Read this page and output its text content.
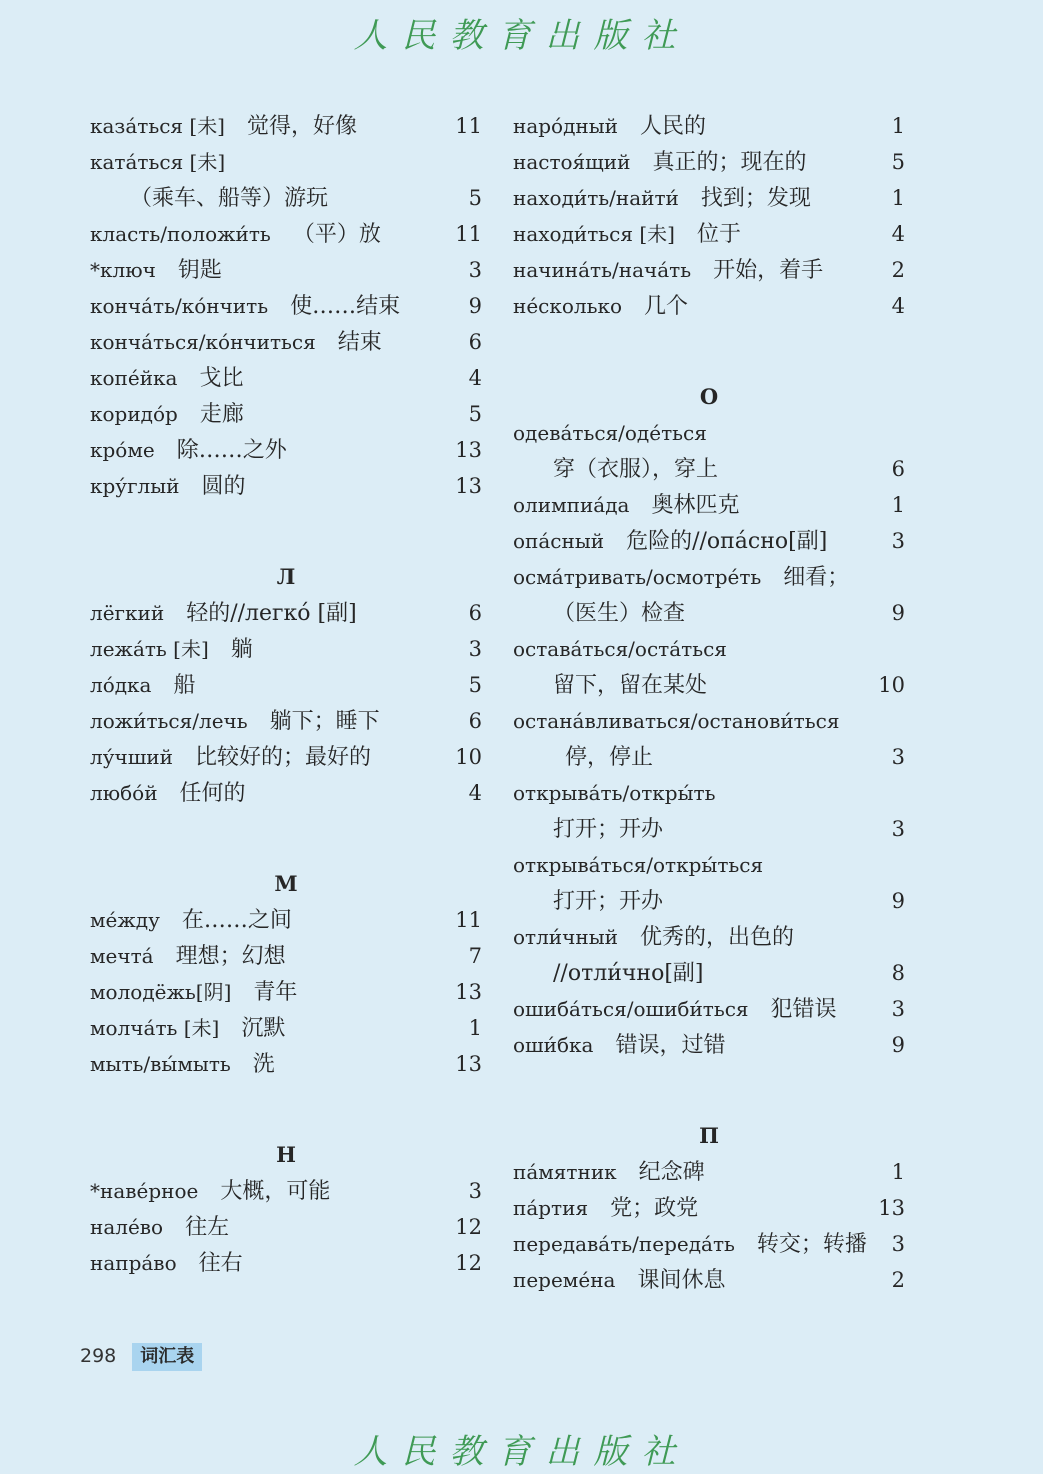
人民教育出版社
каза́ться [未] 觉得，好像	11
ката́ться [未]
（乘车、船等）游玩	5
класть/положи́ть （平）放	11
*ключ 钥匙	3
конча́ть/ко́нчить 使……结束	9
конча́ться/ко́нчиться 结束	6
копе́йка 戈比	4
коридо́р 走廊	5
кро́ме 除……之外	13
кру́глый 圆的	13
Л
лёгкий 轻的//легко́ [副]	6
лежа́ть [未] 躺	3
ло́дка 船	5
ложи́ться/лечь 躺下；睡下	6
лу́чший 比较好的；最好的	10
любо́й 任何的	4
М
ме́жду 在……之间	11
мечта́ 理想；幻想	7
молодёжь[阴] 青年	13
молча́ть [未] 沉默	1
мыть/вы́мыть 洗	13
Н
*наве́рное 大概，可能	3
нале́во 往左	12
напра́во 往右	12
наро́дный 人民的	1
настоя́щий 真正的；现在的	5
находи́ть/найти́ 找到；发现	1
находи́ться [未] 位于	4
начина́ть/нача́ть 开始，着手	2
не́сколько 几个	4
О
одева́ться/оде́ться
穿（衣服），穿上	6
олимпиа́да 奥林匹克	1
опа́сный 危险的//опа́сно[副]	3
осма́тривать/осмотре́ть 细看；
（医生）检查	9
остава́ться/оста́ться
留下，留在某处	10
остана́вливаться/останови́ться
停，停止	3
открыва́ть/откры́ть
打开；开办	3
открыва́ться/откры́ться
打开；开办	9
отли́чный 优秀的，出色的
//отли́чно[副]	8
ошиба́ться/ошиби́ться 犯错误	3
оши́бка 错误，过错	9
П
па́мятник 纪念碑	1
па́ртия 党；政党	13
передава́ть/переда́ть 转交；转播 3
переме́на 课间休息	2
298 词汇表
人民教育出版社
